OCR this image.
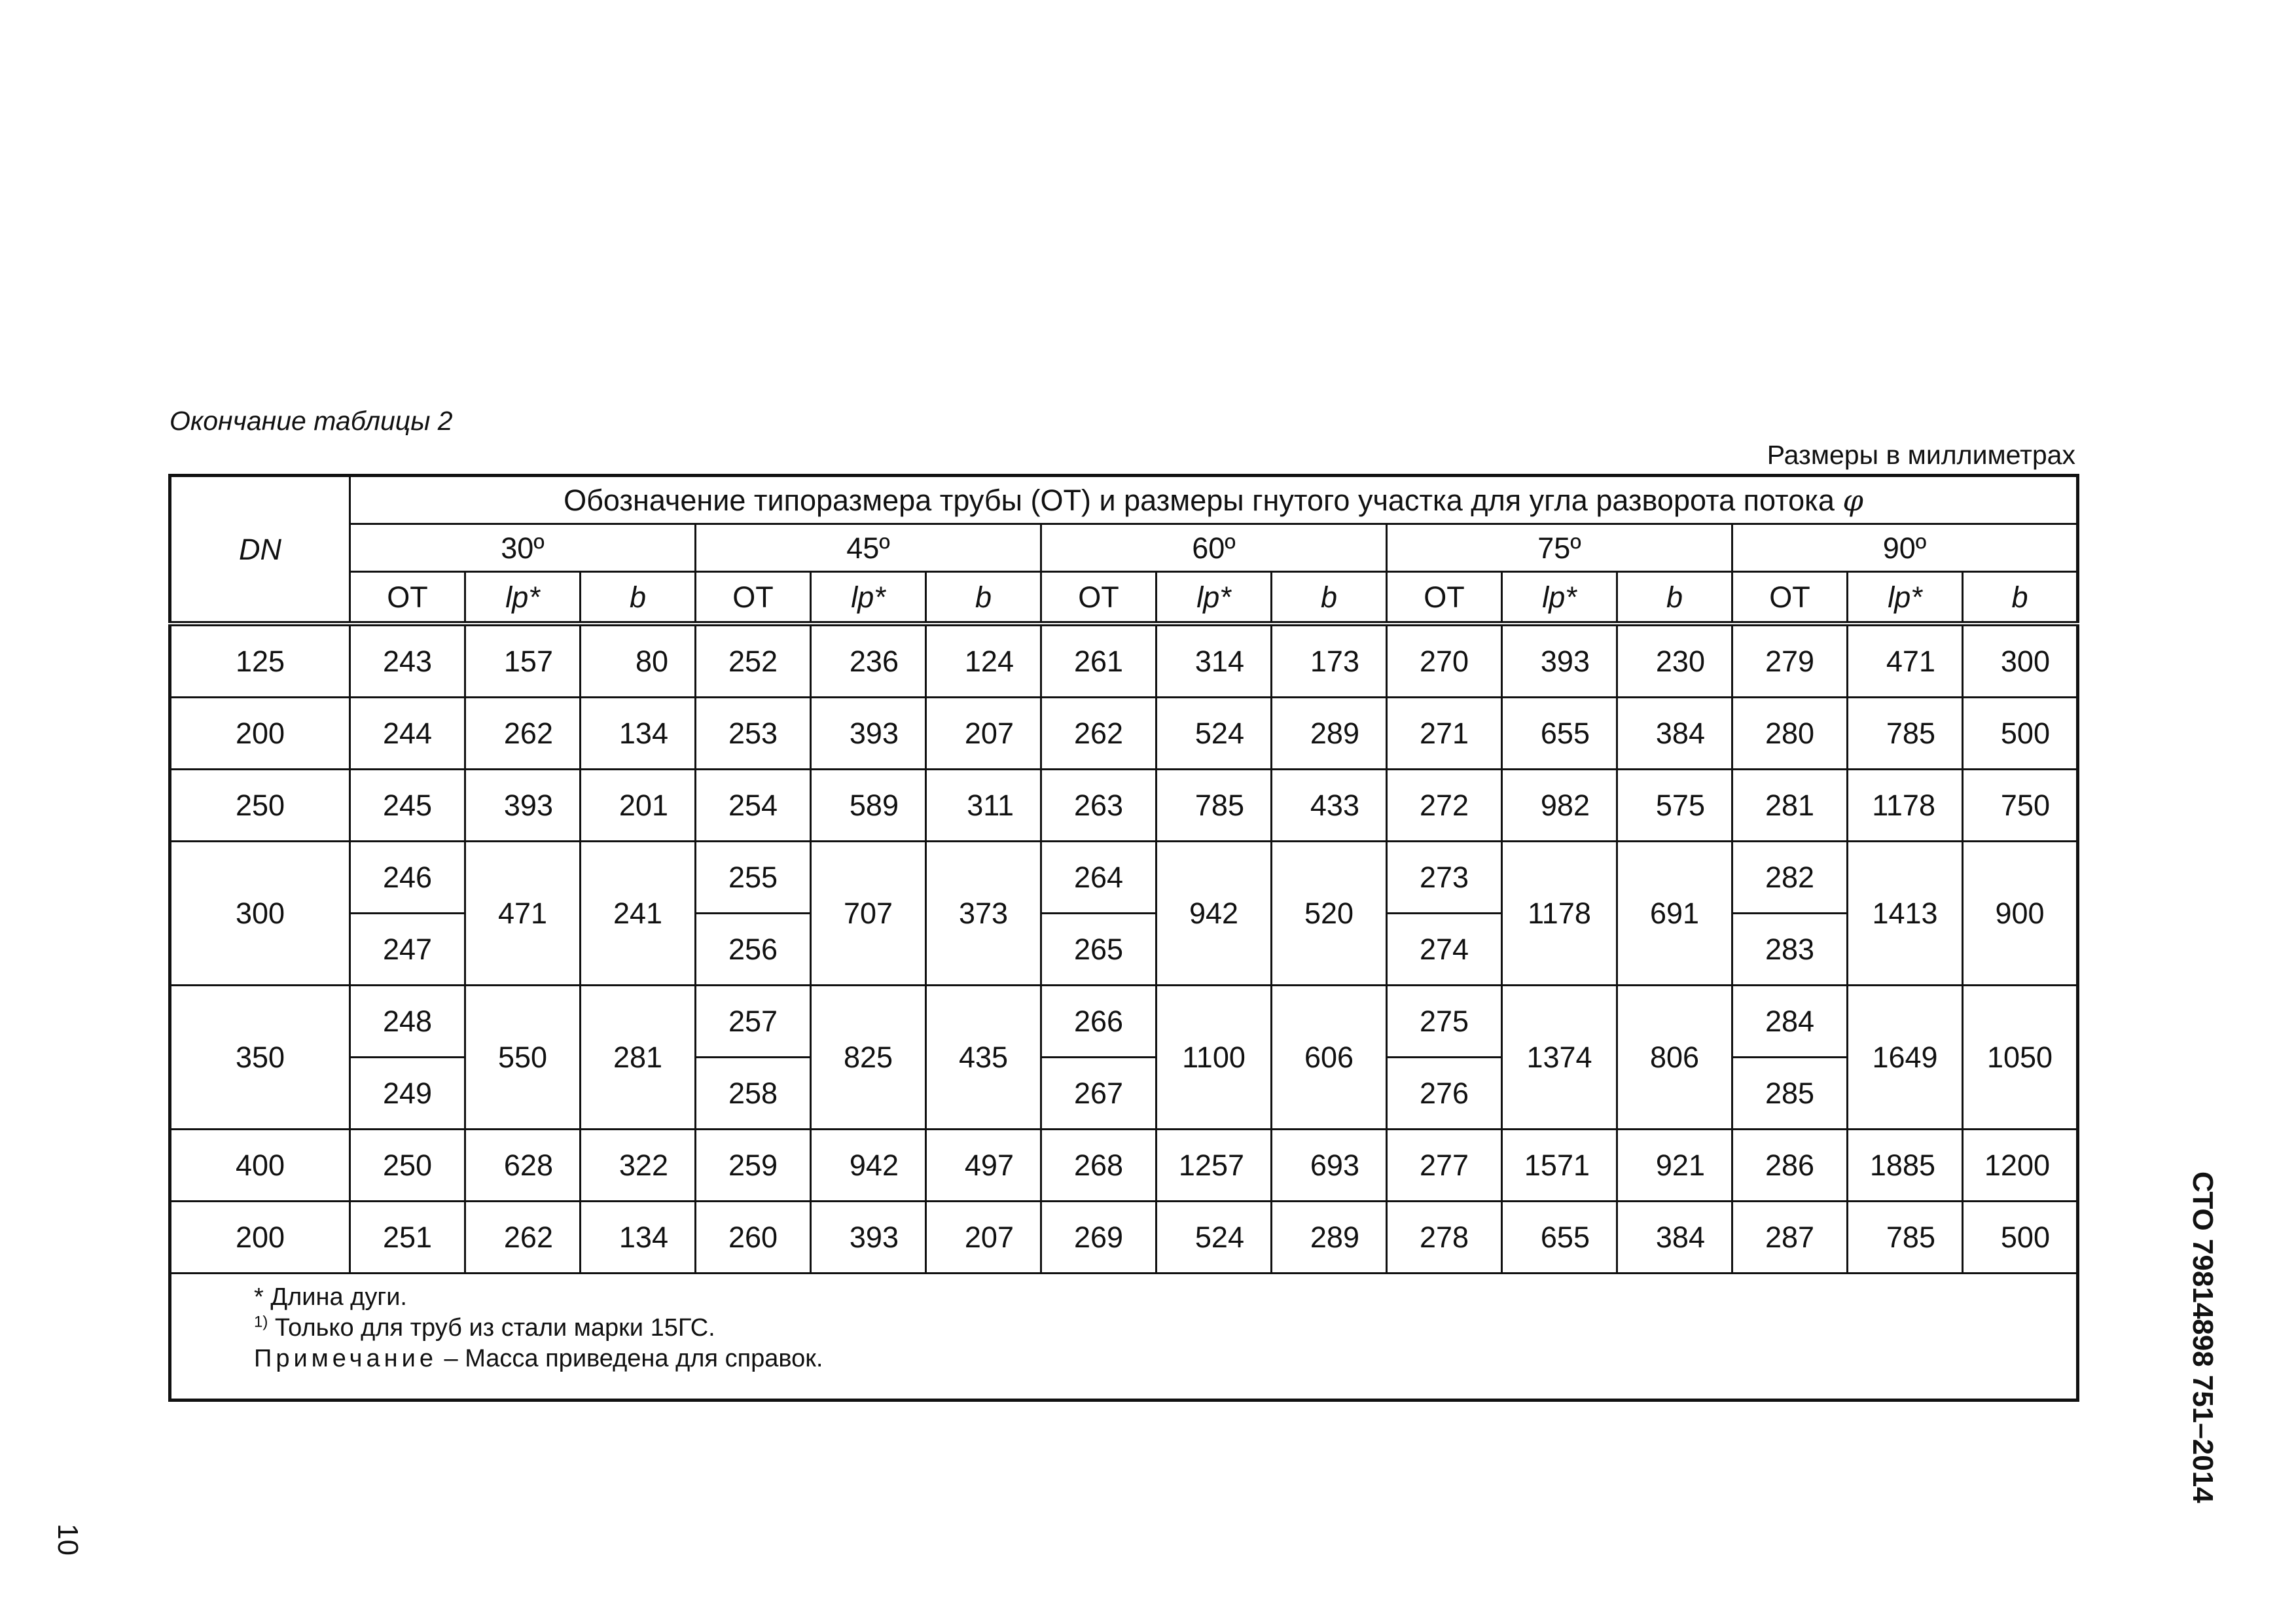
Окончание таблицы 2
Размеры в миллиметрах
DN	Обозначение типоразмера трубы (ОТ) и размеры гнутого участка для угла разворота потока φ														
	30º			45º			60º			75º			90º		
	ОТ	lр*	b	ОТ	lр*	b	ОТ	lр*	b	ОТ	lр*	b	ОТ	lр*	b
125	243	157	80	252	236	124	261	314	173	270	393	230	279	471	300
200	244	262	134	253	393	207	262	524	289	271	655	384	280	785	500
250	245	393	201	254	589	311	263	785	433	272	982	575	281	1178	750
300	246	471	241	255	707	373	264	942	520	273	1178	691	282	1413	900
	247			256			265			274			283		
350	248	550	281	257	825	435	266	1100	606	275	1374	806	284	1649	1050
	249			258			267			276			285		
400	250	628	322	259	942	497	268	1257	693	277	1571	921	286	1885	1200
200	251	262	134	260	393	207	269	524	289	278	655	384	287	785	500

* Длина дуги.
$^{1)}$ Только для труб из стали марки 15ГС.
Примечание – Масса приведена для справок.																СТО 79814898 751–2014
10
